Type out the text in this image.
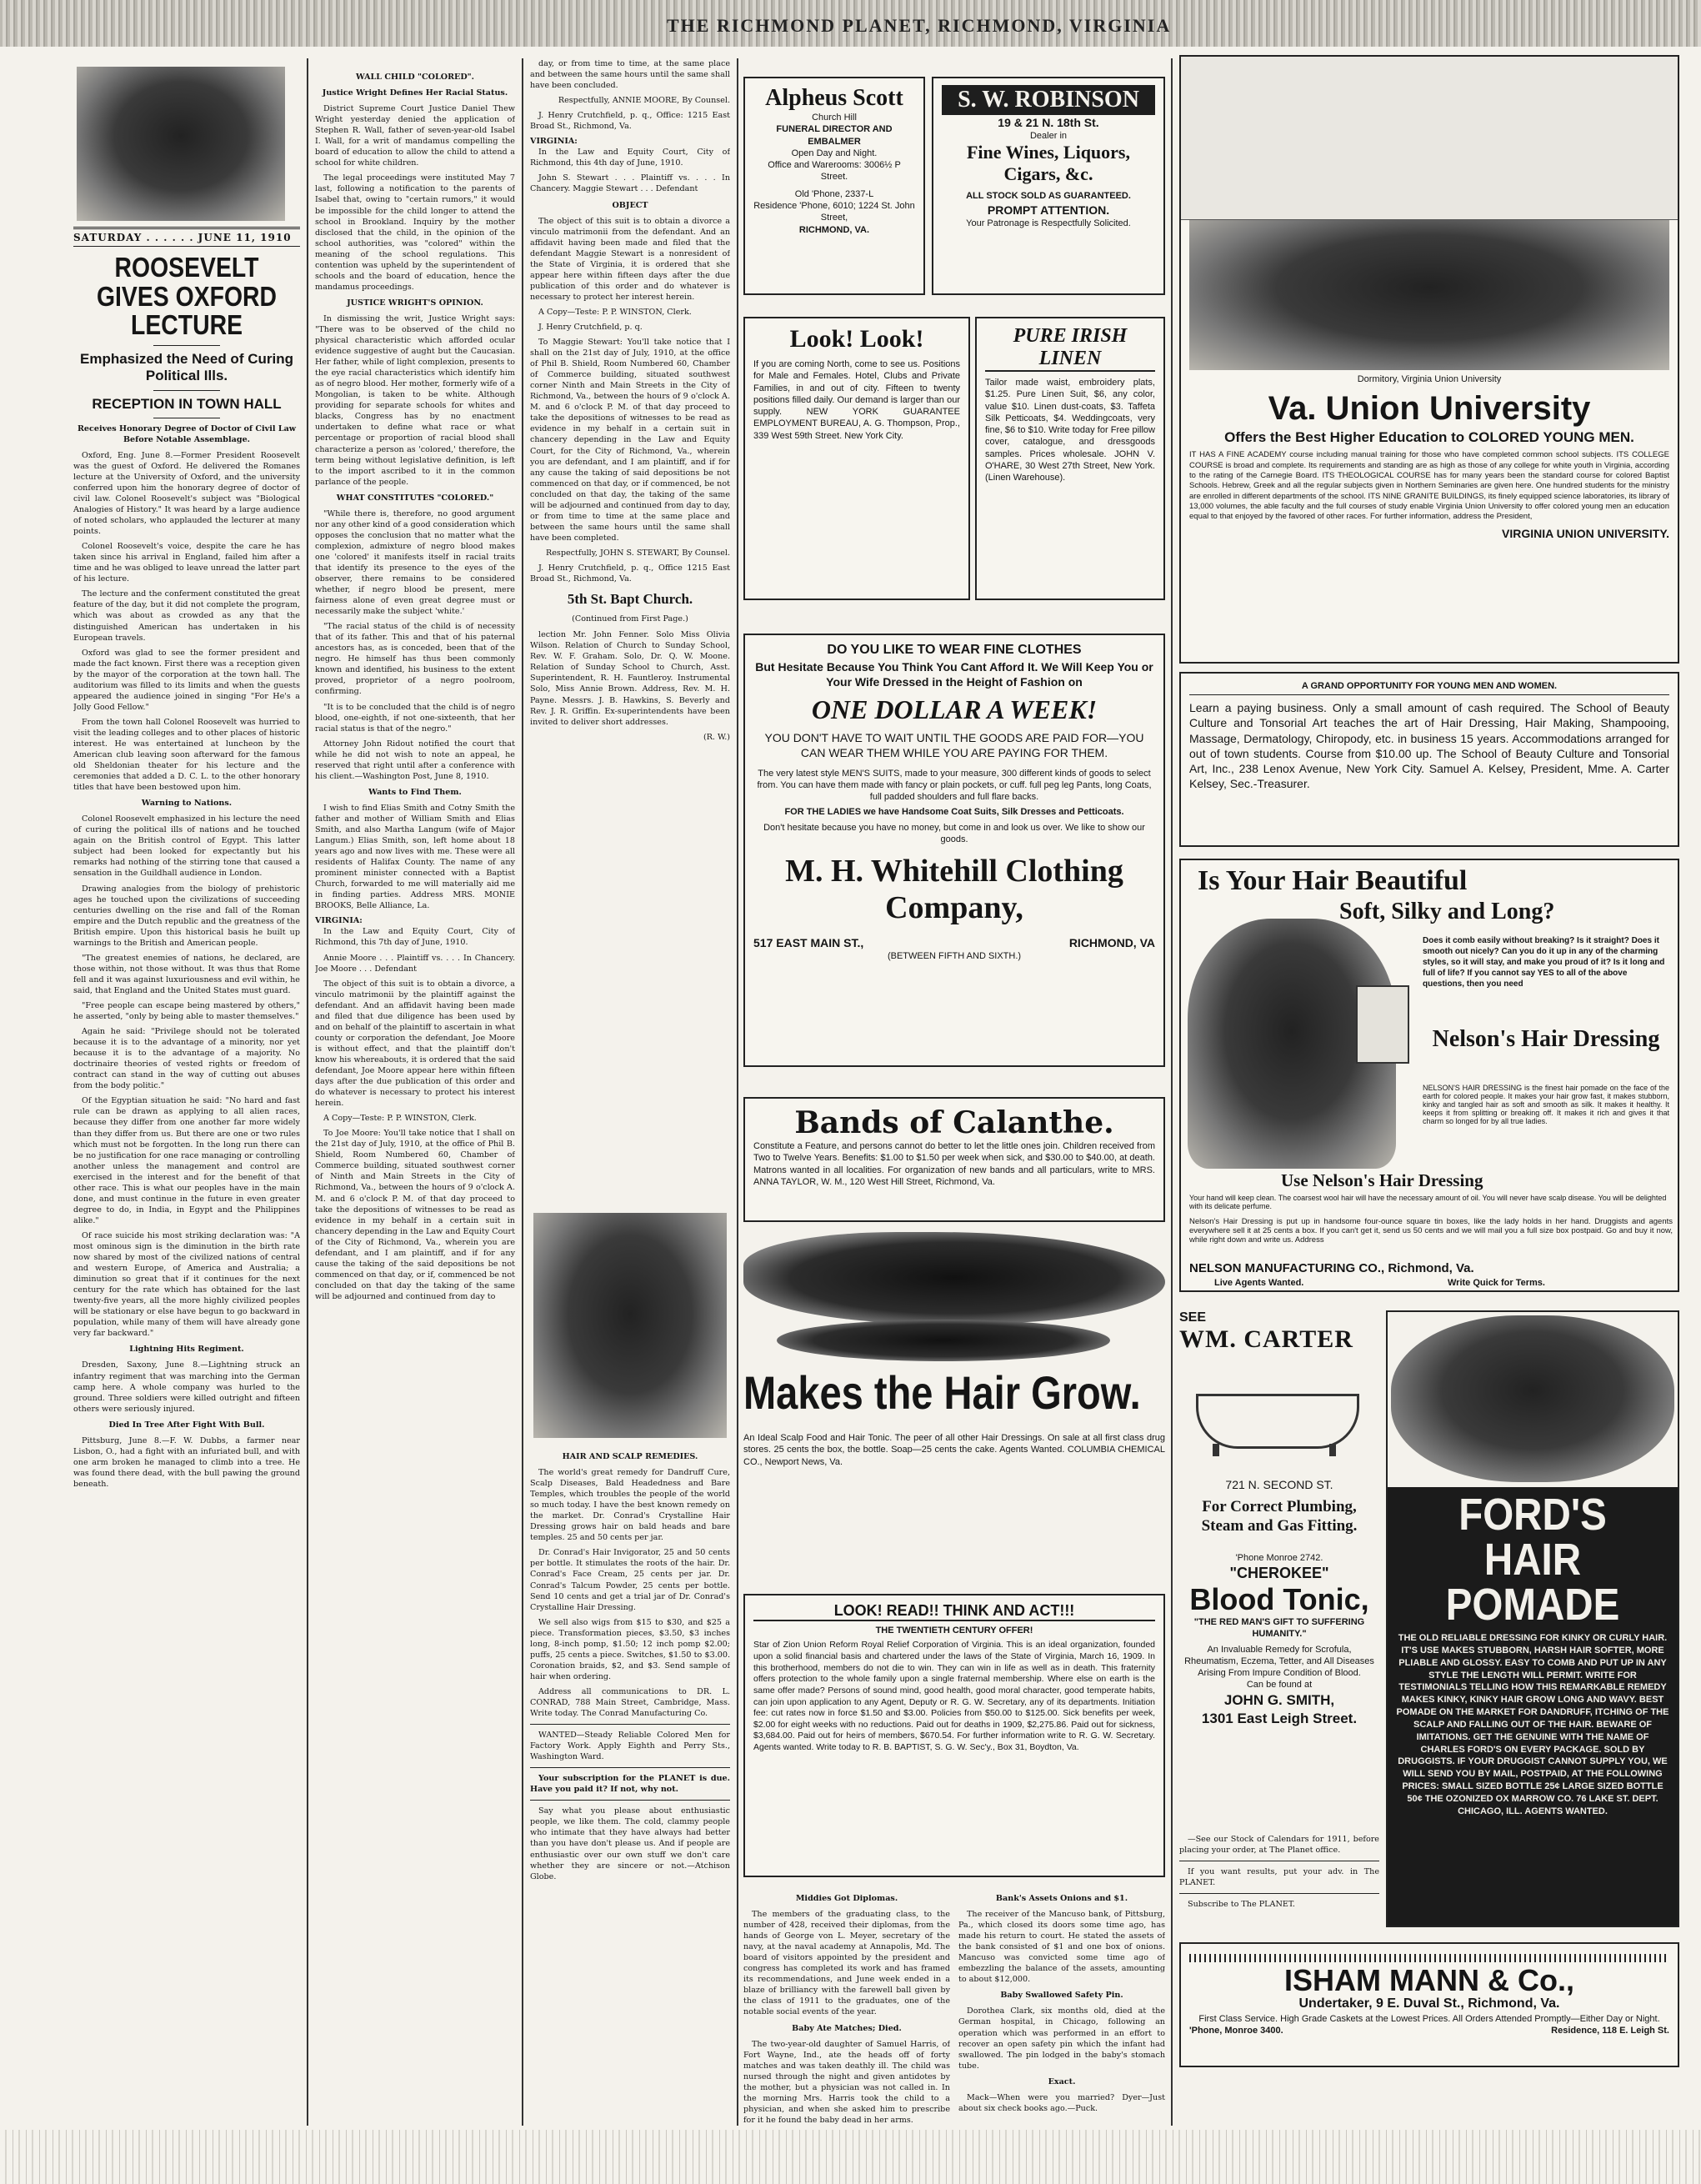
THE RICHMOND PLANET, RICHMOND, VIRGINIA
SATURDAY . . . . . . JUNE 11, 1910
ROOSEVELT GIVES OXFORD LECTURE
Emphasized the Need of Curing Political Ills.
RECEPTION IN TOWN HALL
Receives Honorary Degree of Doctor of Civil Law Before Notable Assemblage.

Oxford, Eng. June 8.—Former President Roosevelt was the guest of Oxford. He delivered the Romanes lecture at the University of Oxford, and the university conferred upon him the honorary degree of doctor of civil law. Colonel Roosevelt's subject was "Biological Analogies of History." It was heard by a large audience of noted scholars, who applauded the lecturer at many points.

Colonel Roosevelt's voice, despite the care he has taken since his arrival in England, failed him after a time and he was obliged to leave unread the latter part of his lecture.

The lecture and the conferment constituted the great feature of the day, but it did not complete the program, which was about as crowded as any that the distinguished American has undertaken in his European travels.

Oxford was glad to see the former president and made the fact known. First there was a reception given by the mayor of the corporation at the town hall. The auditorium was filled to its limits and when the guests appeared the audience joined in singing "For He's a Jolly Good Fellow."

From the town hall Colonel Roosevelt was hurried to visit the leading colleges and to other places of historic interest. He was entertained at luncheon by the American club leaving soon afterward for the famous old Sheldonian theater for his lecture and the ceremonies that added a D. C. L. to the other honorary titles that have been bestowed upon him.

Warning to Nations.

Colonel Roosevelt emphasized in his lecture the need of curing the political ills of nations and he touched again on the British control of Egypt. This latter subject had been looked for expectantly but his remarks had nothing of the stirring tone that caused a sensation in the Guildhall audience in London.

Drawing analogies from the biology of prehistoric ages he touched upon the civilizations of succeeding centuries dwelling on the rise and fall of the Roman empire and the Dutch republic and the greatness of the British empire. Upon this historical basis he built up warnings to the British and American people.

"The greatest enemies of nations, he declared, are those within, not those without. It was thus that Rome fell and it was against luxuriousness and evil within, he said, that England and the United States must guard.

"Free people can escape being mastered by others," he asserted, "only by being able to master themselves."

Again he said: "Privilege should not be tolerated because it is to the advantage of a minority, nor yet because it is to the advantage of a majority. No doctrinaire theories of vested rights or freedom of contract can stand in the way of cutting out abuses from the body politic."

Of the Egyptian situation he said: "No hard and fast rule can be drawn as applying to all alien races, because they differ from one another far more widely than they differ from us. But there are one or two rules which must not be forgotten. In the long run there can be no justification for one race managing or controlling another unless the management and control are exercised in the interest and for the benefit of that other race. This is what our peoples have in the main done, and must continue in the future in even greater degree to do, in India, in Egypt and the Philippines alike."

Of race suicide his most striking declaration was: "A most ominous sign is the diminution in the birth rate now shared by most of the civilized nations of central and western Europe, of America and Australia; a diminution so great that if it continues for the next century for the rate which has obtained for the last twenty-five years, all the more highly civilized peoples will be stationary or else have begun to go backward in population, while many of them will have already gone very far backward."

Lightning Hits Regiment.

Dresden, Saxony, June 8.—Lightning struck an infantry regiment that was marching into the German camp here. A whole company was hurled to the ground. Three soldiers were killed outright and fifteen others were seriously injured.

Died In Tree After Fight With Bull.

Pittsburg, June 8.—F. W. Dubbs, a farmer near Lisbon, O., had a fight with an infuriated bull, and with one arm broken he managed to climb into a tree. He was found there dead, with the bull pawing the ground beneath.

WALL CHILD "COLORED".
Justice Wright Defines Her Racial Status.

District Supreme Court Justice Daniel Thew Wright yesterday denied the application of Stephen R. Wall, father of seven-year-old Isabel I. Wall, for a writ of mandamus compelling the board of education to allow the child to attend a school for white children.

The legal proceedings were instituted May 7 last, following a notification to the parents of Isabel that, owing to "certain rumors," it would be impossible for the child longer to attend the school in Brookland. Inquiry by the mother disclosed that the child, in the opinion of the school authorities, was "colored" within the meaning of the school regulations. This contention was upheld by the superintendent of schools and the board of education, hence the mandamus proceedings.

JUSTICE WRIGHT'S OPINION.

In dismissing the writ, Justice Wright says: "There was to be observed of the child no physical characteristic which afforded ocular evidence suggestive of aught but the Caucasian. Her father, while of light complexion, presents to the eye racial characteristics which identify him as of negro blood. Her mother, formerly wife of a Mongolian, is taken to be white. Although providing for separate schools for whites and blacks, Congress has by no enactment undertaken to define what race or what percentage or proportion of racial blood shall characterize a person as 'colored,' therefore, the term being without legislative definition, is left to the import ascribed to it in the common parlance of the people.

WHAT CONSTITUTES "COLORED."

"While there is, therefore, no good argument nor any other kind of a good consideration which opposes the conclusion that no matter what the complexion, admixture of negro blood makes one 'colored' it manifests itself in racial traits that identify its presence to the eyes of the observer, there remains to be considered whether, if negro blood be present, mere fairness alone of even great degree must or necessarily make the subject 'white.'

"The racial status of the child is of necessity that of its father. This and that of his paternal ancestors has, as is conceded, been that of the negro. He himself has thus been commonly known and identified, his business to the extent proved, proprietor of a negro poolroom, confirming.

"It is to be concluded that the child is of negro blood, one-eighth, if not one-sixteenth, that her racial status is that of the negro."

Attorney John Ridout notified the court that while he did not wish to note an appeal, he reserved that right until after a conference with his client.—Washington Post, June 8, 1910.

Wants to Find Them.

I wish to find Elias Smith and Cotny Smith the father and mother of William Smith and Elias Smith, and also Martha Langum (wife of Major Langum.) Elias Smith, son, left home about 18 years ago and now lives with me. These were all residents of Halifax County. The name of any prominent minister connected with a Baptist Church, forwarded to me will materially aid me in finding parties. Address MRS. MONIE BROOKS, Belle Alliance, La.

VIRGINIA:

In the Law and Equity Court, City of Richmond, this 7th day of June, 1910.

Annie Moore . . . Plaintiff vs. . . . In Chancery. Joe Moore . . . Defendant

The object of this suit is to obtain a divorce, a vinculo matrimonii by the plaintiff against the defendant. And an affidavit having been made and filed that due diligence has been used by and on behalf of the plaintiff to ascertain in what county or corporation the defendant, Joe Moore is without effect, and that the plaintiff don't know his whereabouts, it is ordered that the said defendant, Joe Moore appear here within fifteen days after the due publication of this order and do whatever is necessary to protect his interest herein.

A Copy—Teste: P. P. WINSTON, Clerk.

To Joe Moore: You'll take notice that I shall on the 21st day of July, 1910, at the office of Phil B. Shield, Room Numbered 60, Chamber of Commerce building, situated southwest corner of Ninth and Main Streets in the City of Richmond, Va., between the hours of 9 o'clock A. M. and 6 o'clock P. M. of that day proceed to take the depositions of witnesses to be read as evidence in my behalf in a certain suit in chancery depending in the Law and Equity Court of the City of Richmond, Va., wherein you are defendant, and I am plaintiff, and if for any cause the taking of the said depositions be not commenced on that day, or if, commenced be not concluded on that day the taking of the same will be adjourned and continued from day to

day, or from time to time, at the same place and between the same hours until the same shall have been concluded.

Respectfully, ANNIE MOORE, By Counsel.

J. Henry Crutchfield, p. q., Office: 1215 East Broad St., Richmond, Va.

VIRGINIA:

In the Law and Equity Court, City of Richmond, this 4th day of June, 1910.

John S. Stewart . . . Plaintiff vs. . . . In Chancery. Maggie Stewart . . . Defendant

OBJECT

The object of this suit is to obtain a divorce a vinculo matrimonii from the defendant. And an affidavit having been made and filed that the defendant Maggie Stewart is a nonresident of the State of Virginia, it is ordered that she appear here within fifteen days after the due publication of this order and do whatever is necessary to protect her interest herein.

A Copy—Teste: P. P. WINSTON, Clerk.

J. Henry Crutchfield, p. q.

To Maggie Stewart: You'll take notice that I shall on the 21st day of July, 1910, at the office of Phil B. Shield, Room Numbered 60, Chamber of Commerce building, situated southwest corner Ninth and Main Streets in the City of Richmond, Va., between the hours of 9 o'clock A. M. and 6 o'clock P. M. of that day proceed to take the depositions of witnesses to be read as evidence in my behalf in a certain suit in chancery depending in the Law and Equity Court, for the City of Richmond, Va., wherein you are defendant, and I am plaintiff, and if for any cause the taking of said depositions be not commenced on that day, or if commenced, be not concluded on that day, the taking of the same will be adjourned and continued from day to day, or from time to time at the same place and between the same hours until the same shall have been completed.

Respectfully, JOHN S. STEWART, By Counsel.

J. Henry Crutchfield, p. q., Office 1215 East Broad St., Richmond, Va.

5th St. Bapt Church.
(Continued from First Page.)

lection Mr. John Fenner. Solo Miss Olivia Wilson. Relation of Church to Sunday School, Rev. W. F. Graham. Solo, Dr. Q. W. Moone. Relation of Sunday School to Church, Asst. Superintendent, R. H. Fauntleroy. Instrumental Solo, Miss Annie Brown. Address, Rev. M. H. Payne. Messrs. J. B. Hawkins, S. Beverly and Rev. J. R. Griffin. Ex-superintendents have been invited to deliver short addresses.

(R. W.)

HAIR AND SCALP REMEDIES.

The world's great remedy for Dandruff Cure, Scalp Diseases, Bald Headedness and Bare Temples, which troubles the people of the world so much today. I have the best known remedy on the market. Dr. Conrad's Crystalline Hair Dressing grows hair on bald heads and bare temples. 25 and 50 cents per jar.

Dr. Conrad's Hair Invigorator, 25 and 50 cents per bottle. It stimulates the roots of the hair. Dr. Conrad's Face Cream, 25 cents per jar. Dr. Conrad's Talcum Powder, 25 cents per bottle. Send 10 cents and get a trial jar of Dr. Conrad's Crystalline Hair Dressing.

We sell also wigs from $15 to $30, and $25 a piece. Transformation pieces, $3.50, $3 inches long, 8-inch pomp, $1.50; 12 inch pomp $2.00; puffs, 25 cents a piece. Switches, $1.50 to $3.00. Coronation braids, $2, and $3. Send sample of hair when ordering.

Address all communications to DR. L. CONRAD, 788 Main Street, Cambridge, Mass. Write today. The Conrad Manufacturing Co.

WANTED—Steady Reliable Colored Men for Factory Work. Apply Eighth and Perry Sts., Washington Ward.

Your subscription for the PLANET is due. Have you paid it? If not, why not.

Say what you please about enthusiastic people, we like them. The cold, clammy people who intimate that they have always had better than you have don't please us. And if people are enthusiastic over our own stuff we don't care whether they are sincere or not.—Atchison Globe.

Alpheus Scott
Church Hill
FUNERAL DIRECTOR AND EMBALMER
Open Day and Night.
Office and Warerooms: 3006½ P Street.
Old 'Phone, 2337-L
Residence 'Phone, 6010; 1224 St. John Street,
RICHMOND, VA.
S. W. ROBINSON
19 & 21 N. 18th St.
Dealer in
Fine Wines, Liquors, Cigars, &c.
ALL STOCK SOLD AS GUARANTEED.
PROMPT ATTENTION.
Your Patronage is Respectfully Solicited.
Look! Look!
If you are coming North, come to see us. Positions for Male and Females. Hotel, Clubs and Private Families, in and out of city. Fifteen to twenty positions filled daily. Our demand is larger than our supply. NEW YORK GUARANTEE EMPLOYMENT BUREAU, A. G. Thompson, Prop., 339 West 59th Street. New York City.
PURE IRISH LINEN
Tailor made waist, embroidery plats, $1.25. Pure Linen Suit, $6, any color, value $10. Linen dust-coats, $3. Taffeta Silk Petticoats, $4. Weddingcoats, very fine, $6 to $10. Write today for Free pillow cover, catalogue, and dressgoods samples. Prices wholesale. JOHN V. O'HARE, 30 West 27th Street, New York. (Linen Warehouse).
DO YOU LIKE TO WEAR FINE CLOTHES
But Hesitate Because You Think You Cant Afford It. We Will Keep You or Your Wife Dressed in the Height of Fashion on
ONE DOLLAR A WEEK!
YOU DON'T HAVE TO WAIT UNTIL THE GOODS ARE PAID FOR—YOU CAN WEAR THEM WHILE YOU ARE PAYING FOR THEM.
The very latest style MEN'S SUITS, made to your measure, 300 different kinds of goods to select from. You can have them made with fancy or plain pockets, or cuff. full peg leg Pants, long Coats, full padded shoulders and full flare backs.
FOR THE LADIES we have Handsome Coat Suits, Silk Dresses and Petticoats.
Don't hesitate because you have no money, but come in and look us over. We like to show our goods.
M. H. Whitehill Clothing Company,
517 EAST MAIN ST.,	RICHMOND, VA
(BETWEEN FIFTH AND SIXTH.)
Bands of Calanthe.
Constitute a Feature, and persons cannot do better to let the little ones join. Children received from Two to Twelve Years. Benefits: $1.00 to $1.50 per week when sick, and $30.00 to $40.00, at death. Matrons wanted in all localities. For organization of new bands and all particulars, write to MRS. ANNA TAYLOR, W. M., 120 West Hill Street, Richmond, Va.
Makes the Hair Grow.
An Ideal Scalp Food and Hair Tonic. The peer of all other Hair Dressings. On sale at all first class drug stores. 25 cents the box, the bottle. Soap—25 cents the cake. Agents Wanted. COLUMBIA CHEMICAL CO., Newport News, Va.
LOOK! READ!! THINK AND ACT!!!
THE TWENTIETH CENTURY OFFER!
Star of Zion Union Reform Royal Relief Corporation of Virginia. This is an ideal organization, founded upon a solid financial basis and chartered under the laws of the State of Virginia, March 16, 1909. In this brotherhood, members do not die to win. They can win in life as well as in death. This fraternity offers protection to the whole family upon a single fraternal membership. Where else on earth is the same offer made? Persons of sound mind, good health, good moral character, good temperate habits, can join upon application to any Agent, Deputy or R. G. W. Secretary, any of its departments. Initiation fee: cut rates now in force $1.50 and $3.00. Policies from $50.00 to $125.00. Sick benefits per week, $2.00 for eight weeks with no reductions. Paid out for deaths in 1909, $2,275.86. Paid out for sickness, $3,684.00. Paid out for heirs of members, $670.54. For further information write to R. G. W. Secretary. Agents wanted. Write today to R. B. BAPTIST, S. G. W. Sec'y., Box 31, Boydton, Va.
Middies Got Diplomas.

The members of the graduating class, to the number of 428, received their diplomas, from the hands of George von L. Meyer, secretary of the navy, at the naval academy at Annapolis, Md. The board of visitors appointed by the president and congress has completed its work and has framed its recommendations, and June week ended in a blaze of brilliancy with the farewell ball given by the class of 1911 to the graduates, one of the notable social events of the year.

Baby Ate Matches; Died.

The two-year-old daughter of Samuel Harris, of Fort Wayne, Ind., ate the heads off of forty matches and was taken deathly ill. The child was nursed through the night and given antidotes by the mother, but a physician was not called in. In the morning Mrs. Harris took the child to a physician, and when she asked him to prescribe for it he found the baby dead in her arms.

Bank's Assets Onions and $1.

The receiver of the Mancuso bank, of Pittsburg, Pa., which closed its doors some time ago, has made his return to court. He stated the assets of the bank consisted of $1 and one box of onions. Mancuso was convicted some time ago of embezzling the balance of the assets, amounting to about $12,000.

Baby Swallowed Safety Pin.

Dorothea Clark, six months old, died at the German hospital, in Chicago, following an operation which was performed in an effort to recover an open safety pin which the infant had swallowed. The pin lodged in the baby's stomach tube.

Exact.

Mack—When were you married? Dyer—Just about six check books ago.—Puck.

Dormitory, Virginia Union University
Va. Union University
Offers the Best Higher Education to COLORED YOUNG MEN.
IT HAS A FINE ACADEMY course including manual training for those who have completed common school subjects. ITS COLLEGE COURSE is broad and complete. Its requirements and standing are as high as those of any college for white youth in Virginia, according to the rating of the Carnegie Board. ITS THEOLOGICAL COURSE has for many years been the standard course for colored Baptist Schools. Hebrew, Greek and all the regular subjects given in Northern Seminaries are given here. One hundred students for the ministry are enrolled in different departments of the school. ITS NINE GRANITE BUILDINGS, its finely equipped science laboratories, its library of 13,000 volumes, the able faculty and the full courses of study enable Virginia Union University to offer colored young men an education equal to that enjoyed by the favored of other races. For further information, address the President,
VIRGINIA UNION UNIVERSITY.
A GRAND OPPORTUNITY FOR YOUNG MEN AND WOMEN.
Learn a paying business. Only a small amount of cash required. The School of Beauty Culture and Tonsorial Art teaches the art of Hair Dressing, Hair Making, Shampooing, Massage, Dermatology, Chiropody, etc. in business 15 years. Accommodations arranged for out of town students. Course from $10.00 up. The School of Beauty Culture and Tonsorial Art, Inc., 238 Lenox Avenue, New York City. Samuel A. Kelsey, President, Mme. A. Carter Kelsey, Sec.-Treasurer.
Is Your Hair Beautiful
Soft, Silky and Long?
Does it comb easily without breaking? Is it straight? Does it smooth out nicely? Can you do it up in any of the charming styles, so it will stay, and make you proud of it? Is it long and full of life? If you cannot say YES to all of the above questions, then you need
Nelson's Hair Dressing
NELSON'S HAIR DRESSING is the finest hair pomade on the face of the earth for colored people. It makes your hair grow fast, it makes stubborn, kinky and tangled hair as soft and smooth as silk. It makes it healthy. It keeps it from splitting or breaking off. It makes it rich and gives it that charm so longed for by all true ladies.
Use Nelson's Hair Dressing
Your hand will keep clean. The coarsest wool hair will have the necessary amount of oil. You will never have scalp disease. You will be delighted with its delicate perfume.
Nelson's Hair Dressing is put up in handsome four-ounce square tin boxes, like the lady holds in her hand. Druggists and agents everywhere sell it at 25 cents a box. If you can't get it, send us 50 cents and we will mail you a full size box postpaid. Go and buy it now, while right down and write us. Address
NELSON MANUFACTURING CO., Richmond, Va.
Live Agents Wanted.	Write Quick for Terms.
SEE
WM. CARTER
721 N. SECOND ST.
For Correct Plumbing, Steam and Gas Fitting.
'Phone Monroe 2742.
"CHEROKEE"
Blood Tonic,
"THE RED MAN'S GIFT TO SUFFERING HUMANITY."
An Invaluable Remedy for Scrofula, Rheumatism, Eczema, Tetter, and All Diseases Arising From Impure Condition of Blood.
Can be found at
JOHN G. SMITH,
1301 East Leigh Street.

—See our Stock of Calendars for 1911, before placing your order, at The Planet office.

If you want results, put your adv. in The PLANET.

Subscribe to The PLANET.

FORD'S HAIR POMADE
THE OLD RELIABLE DRESSING FOR KINKY OR CURLY HAIR. IT'S USE MAKES STUBBORN, HARSH HAIR SOFTER, MORE PLIABLE AND GLOSSY. EASY TO COMB AND PUT UP IN ANY STYLE THE LENGTH WILL PERMIT. WRITE FOR TESTIMONIALS TELLING HOW THIS REMARKABLE REMEDY MAKES KINKY, KINKY HAIR GROW LONG AND WAVY. BEST POMADE ON THE MARKET FOR DANDRUFF, ITCHING OF THE SCALP AND FALLING OUT OF THE HAIR. BEWARE OF IMITATIONS. GET THE GENUINE WITH THE NAME OF CHARLES FORD'S ON EVERY PACKAGE. SOLD BY DRUGGISTS. IF YOUR DRUGGIST CANNOT SUPPLY YOU, WE WILL SEND YOU BY MAIL, POSTPAID, AT THE FOLLOWING PRICES: SMALL SIZED BOTTLE 25¢ LARGE SIZED BOTTLE 50¢ THE OZONIZED OX MARROW CO. 76 LAKE ST. DEPT. CHICAGO, ILL. AGENTS WANTED.
ISHAM MANN & Co.,
Undertaker, 9 E. Duval St., Richmond, Va.
First Class Service. High Grade Caskets at the Lowest Prices. All Orders Attended Promptly—Either Day or Night.
'Phone, Monroe 3400.	Residence, 118 E. Leigh St.
